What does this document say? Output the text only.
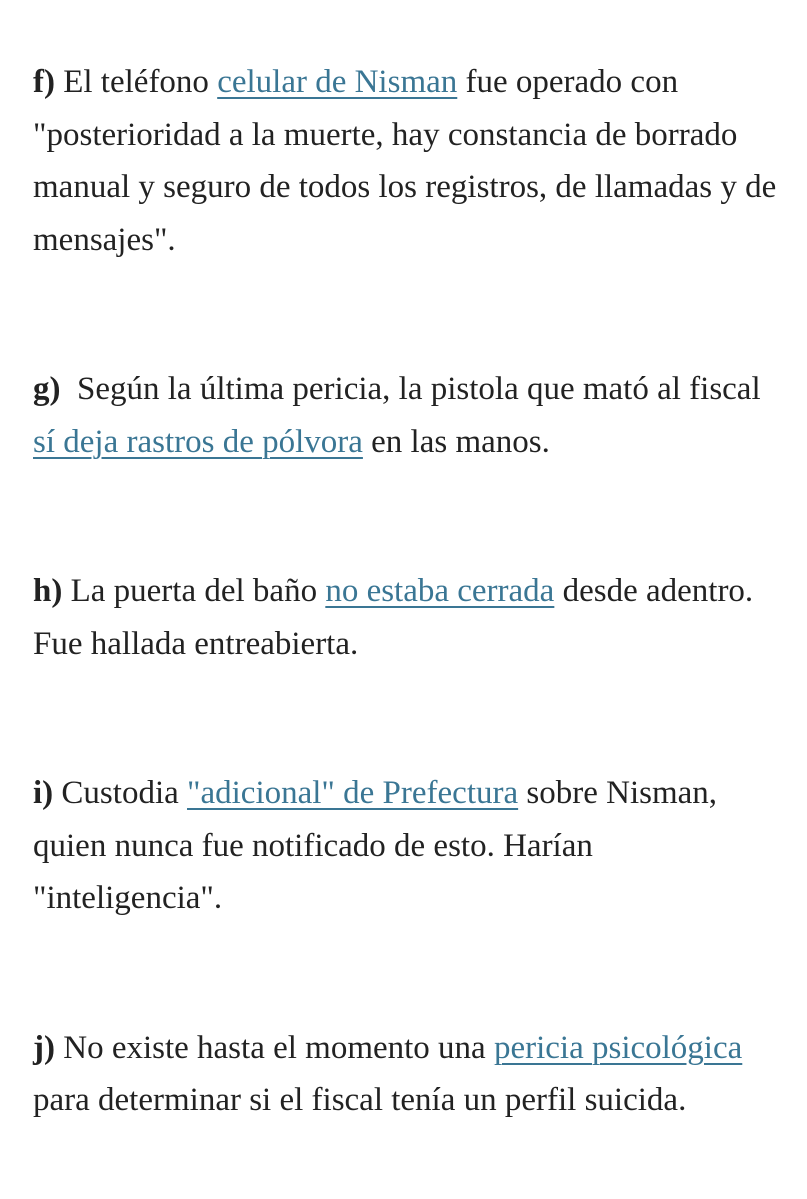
f) El teléfono celular de Nisman fue operado con "posterioridad a la muerte, hay constancia de borrado manual y seguro de todos los registros, de llamadas y de mensajes".

g)  Según la última pericia, la pistola que mató al fiscal sí deja rastros de pólvora en las manos.

h) La puerta del baño no estaba cerrada desde adentro. Fue hallada entreabierta.

i) Custodia "adicional" de Prefectura sobre Nisman, quien nunca fue notificado de esto. Harían "inteligencia".

j) No existe hasta el momento una pericia psicológica para determinar si el fiscal tenía un perfil suicida.
